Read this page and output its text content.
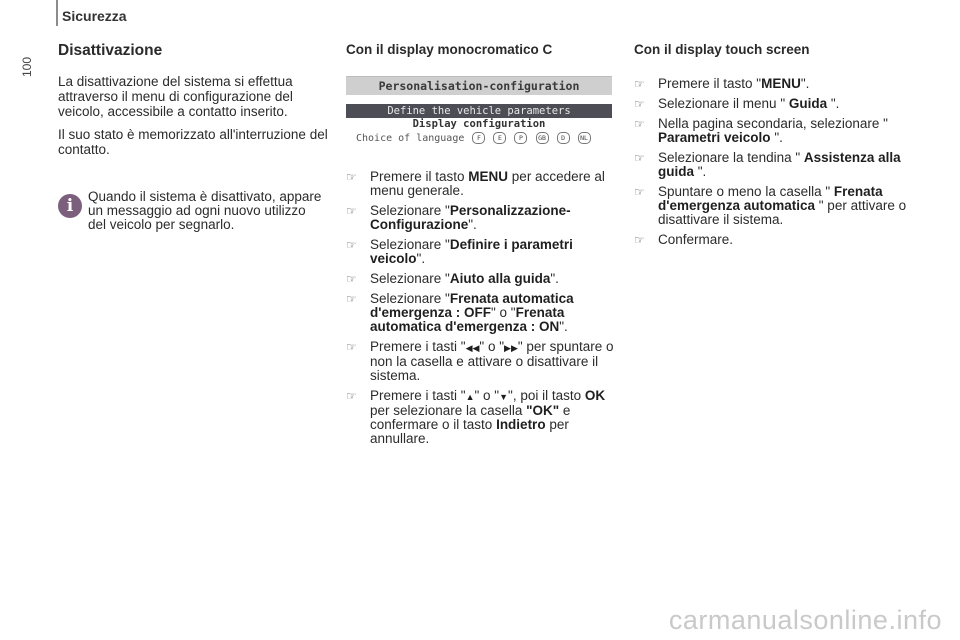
Sicurezza
100
Disattivazione

La disattivazione del sistema si effettua attraverso il menu di configurazione del veicolo, accessibile a contatto inserito.

Il suo stato è memorizzato all'interruzione del contatto.

i	Quando il sistema è disattivato, appare un messaggio ad ogni nuovo utilizzo del veicolo per segnarlo.
Con il display monocromatico C
Personalisation-configuration
Define the vehicle parameters
Display configuration
Choice of language F	E	P GB D NL
☞ Premere il tasto MENU per accedere al menu generale.
☞ Selezionare "Personalizzazione-Configurazione".
☞ Selezionare "Definire i parametri veicolo".
☞ Selezionare "Aiuto alla guida".
☞ Selezionare "Frenata automatica d'emergenza : OFF" o "Frenata automatica d'emergenza : ON".
☞ Premere i tasti "◀◀" o "▶▶" per spuntare o non la casella e attivare o disattivare il sistema.
☞ Premere i tasti "▲" o "▼", poi il tasto OK per selezionare la casella "OK" e confermare o il tasto Indietro per annullare.
Con il display touch screen
☞ Premere il tasto "MENU".
☞ Selezionare il menu " Guida ".
☞ Nella pagina secondaria, selezionare " Parametri veicolo ".
☞ Selezionare la tendina " Assistenza alla guida ".
☞ Spuntare o meno la casella " Frenata d'emergenza automatica " per attivare o disattivare il sistema.
☞ Confermare.
carmanualsonline.info
